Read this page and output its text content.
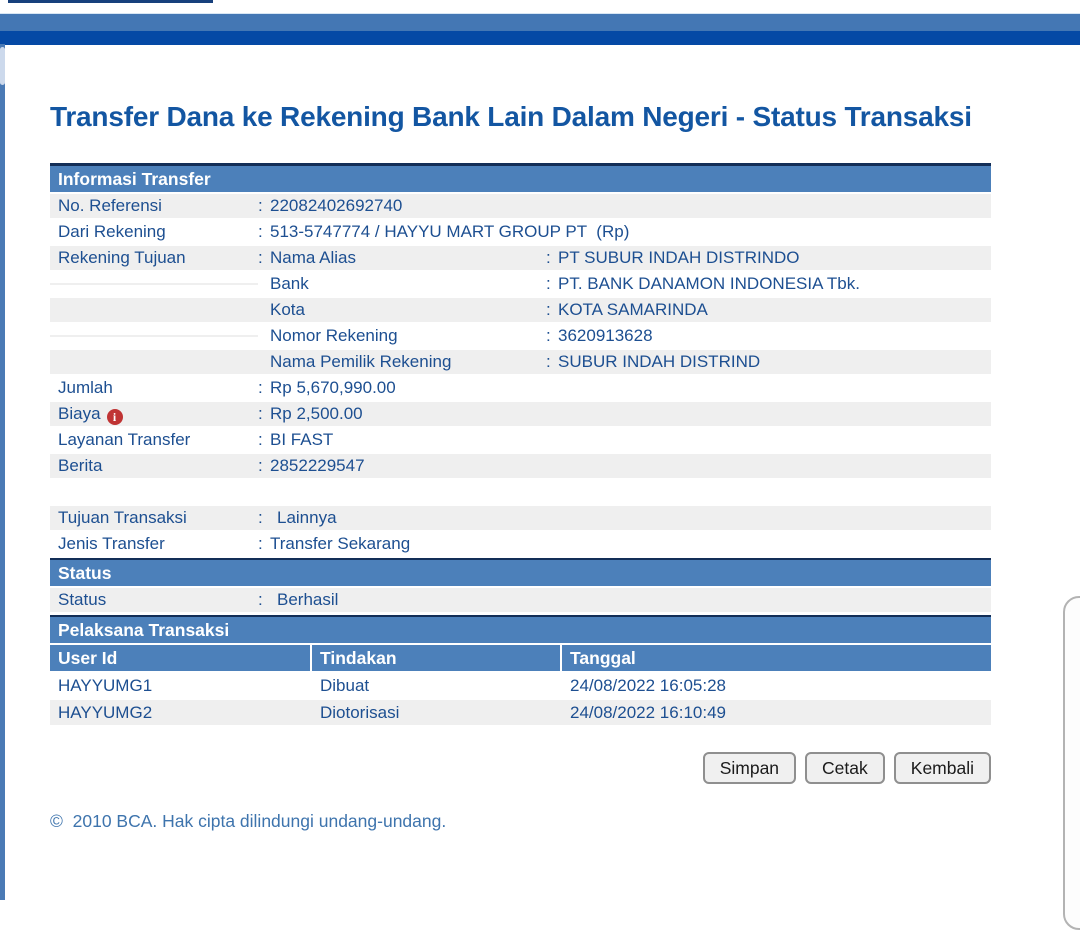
Transfer Dana ke Rekening Bank Lain Dalam Negeri - Status Transaksi
Informasi Transfer
No. Referensi	: 22082402692740
Dari Rekening	: 513-5747774 / HAYYU MART GROUP PT  (Rp)
Rekening Tujuan	: Nama Alias	: PT SUBUR INDAH DISTRINDO
Bank	: PT. BANK DANAMON INDONESIA Tbk.
Kota	: KOTA SAMARINDA
Nomor Rekening	: 3620913628
Nama Pemilik Rekening	: SUBUR INDAH DISTRIND
Jumlah	: Rp 5,670,990.00
Biaya i	: Rp 2,500.00
Layanan Transfer	: BI FAST
Berita	: 2852229547
Tujuan Transaksi	: Lainnya
Jenis Transfer	: Transfer Sekarang
Status
Status	: Berhasil
Pelaksana Transaksi
User Id	Tindakan	Tanggal
HAYYUMG1	Dibuat	24/08/2022 16:05:28
HAYYUMG2	Diotorisasi	24/08/2022 16:10:49
Simpan	Cetak	Kembali
©  2010 BCA. Hak cipta dilindungi undang-undang.
